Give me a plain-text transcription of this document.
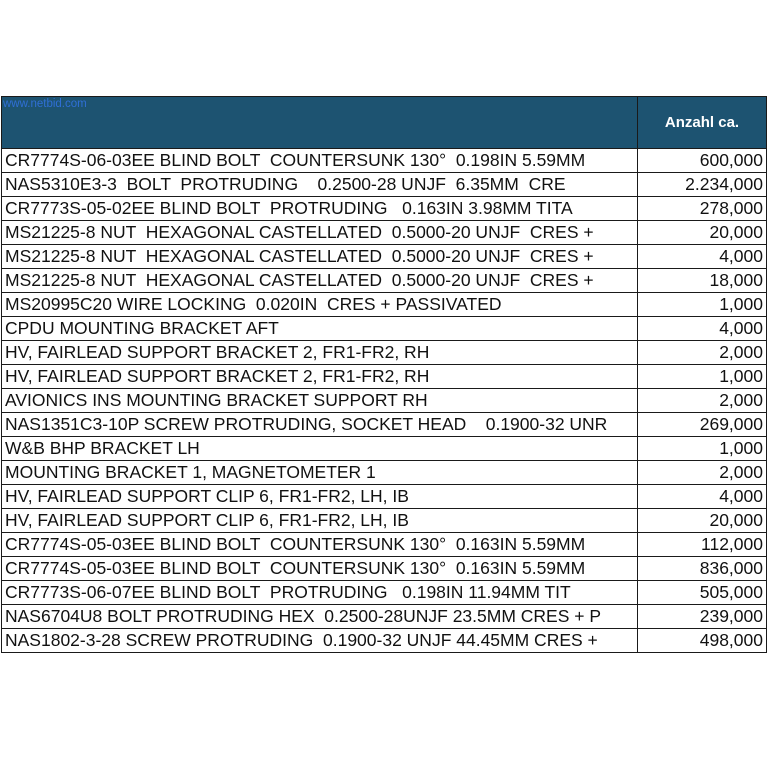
www.netbid.com	Anzahl ca.
CR7774S-06-03EE BLIND BOLT  COUNTERSUNK 130°  0.198IN 5.59MM	600,000
NAS5310E3-3  BOLT  PROTRUDING    0.2500-28 UNJF  6.35MM  CRE	2.234,000
CR7773S-05-02EE BLIND BOLT  PROTRUDING   0.163IN 3.98MM TITA	278,000
MS21225-8 NUT  HEXAGONAL CASTELLATED  0.5000-20 UNJF  CRES +	20,000
MS21225-8 NUT  HEXAGONAL CASTELLATED  0.5000-20 UNJF  CRES +	4,000
MS21225-8 NUT  HEXAGONAL CASTELLATED  0.5000-20 UNJF  CRES +	18,000
MS20995C20 WIRE LOCKING  0.020IN  CRES + PASSIVATED	1,000
CPDU MOUNTING BRACKET AFT	4,000
HV, FAIRLEAD SUPPORT BRACKET 2, FR1-FR2, RH	2,000
HV, FAIRLEAD SUPPORT BRACKET 2, FR1-FR2, RH	1,000
AVIONICS INS MOUNTING BRACKET SUPPORT RH	2,000
NAS1351C3-10P SCREW PROTRUDING, SOCKET HEAD    0.1900-32 UNR	269,000
W&B BHP BRACKET LH	1,000
MOUNTING BRACKET 1, MAGNETOMETER 1	2,000
HV, FAIRLEAD SUPPORT CLIP 6, FR1-FR2, LH, IB	4,000
HV, FAIRLEAD SUPPORT CLIP 6, FR1-FR2, LH, IB	20,000
CR7774S-05-03EE BLIND BOLT  COUNTERSUNK 130°  0.163IN 5.59MM	112,000
CR7774S-05-03EE BLIND BOLT  COUNTERSUNK 130°  0.163IN 5.59MM	836,000
CR7773S-06-07EE BLIND BOLT  PROTRUDING   0.198IN 11.94MM TIT	505,000
NAS6704U8 BOLT PROTRUDING HEX  0.2500-28UNJF 23.5MM CRES + P	239,000
NAS1802-3-28 SCREW PROTRUDING  0.1900-32 UNJF 44.45MM CRES +	498,000
